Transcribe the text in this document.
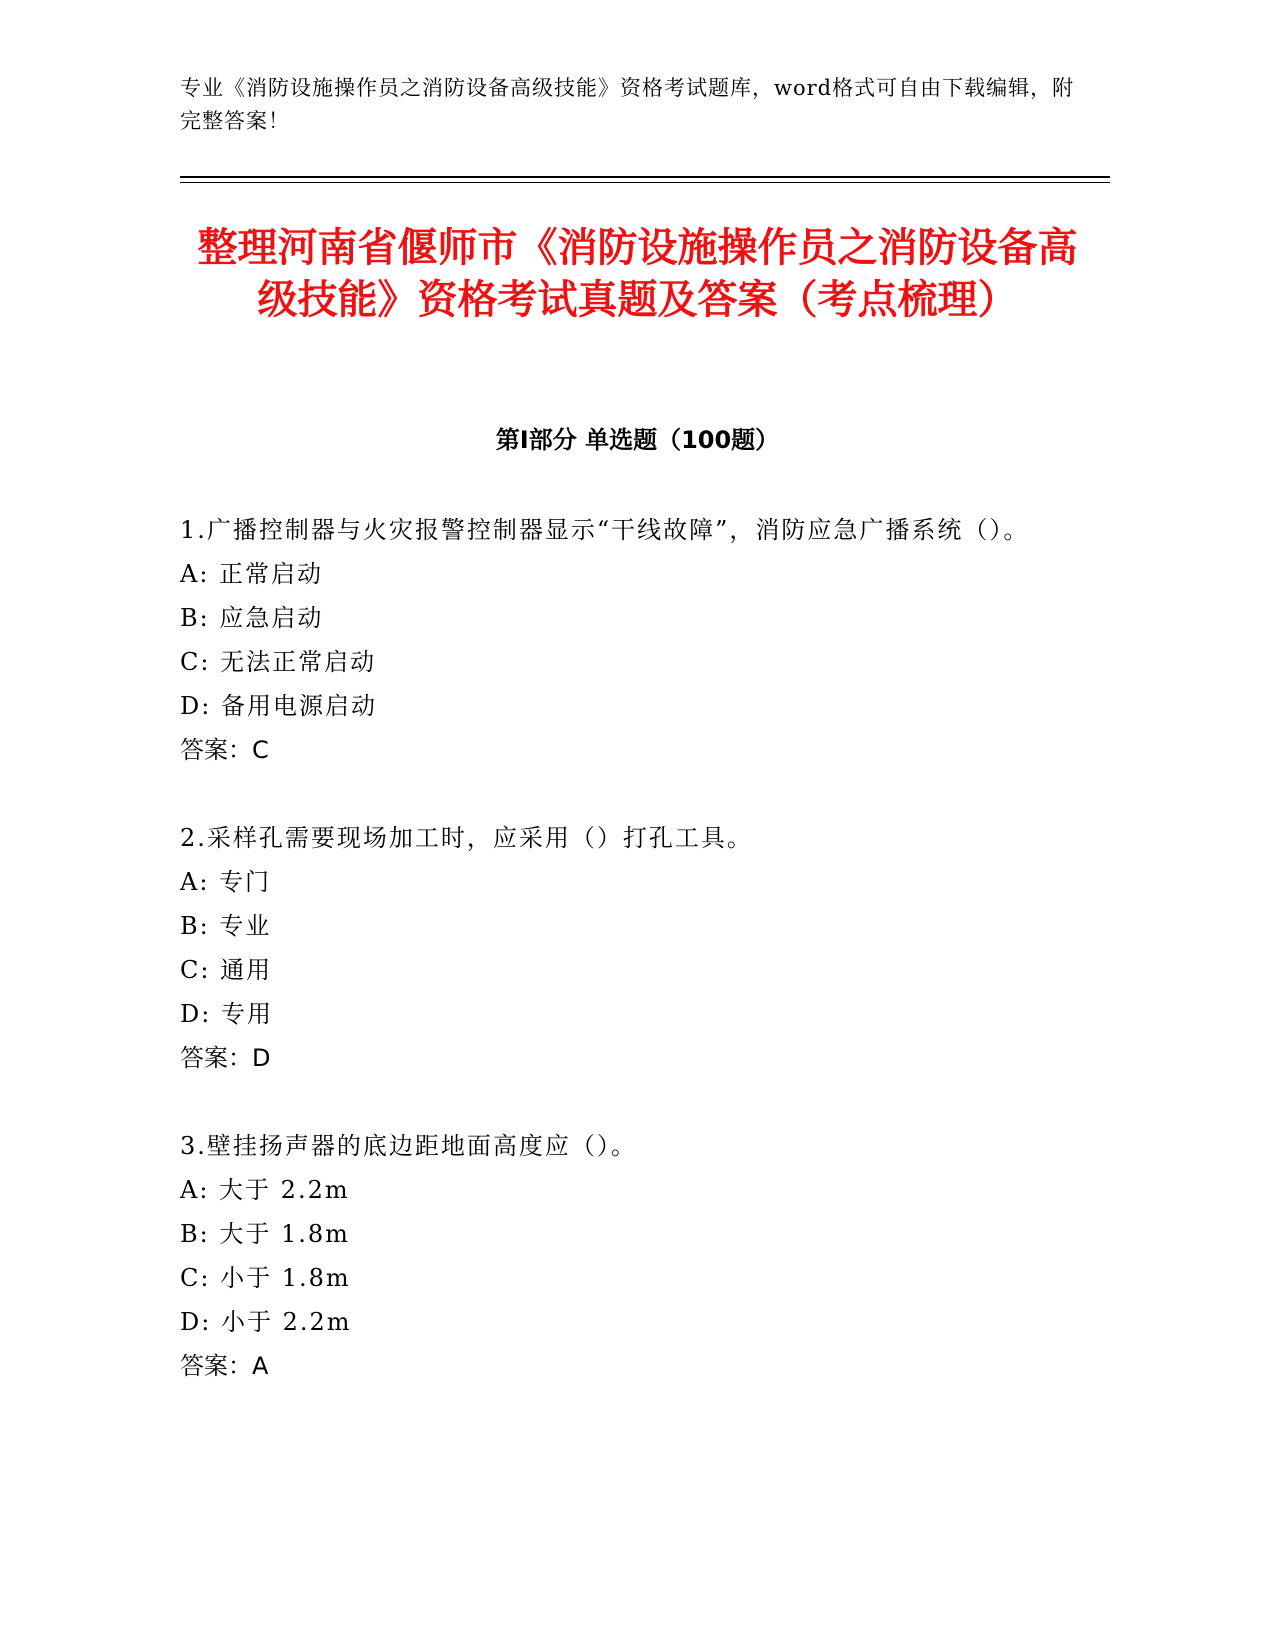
专业《消防设施操作员之消防设备高级技能》资格考试题库，word格式可自由下载编辑，附完整答案！

整理河南省偃师市《消防设施操作员之消防设备高级技能》资格考试真题及答案（考点梳理）
第Ⅰ部分 单选题（100题）

1.广播控制器与火灾报警控制器显示“干线故障”，消防应急广播系统（）。

A: 正常启动

B: 应急启动

C: 无法正常启动

D: 备用电源启动

答案：C

2.采样孔需要现场加工时，应采用（）打孔工具。

A: 专门

B: 专业

C: 通用

D: 专用

答案：D

3.壁挂扬声器的底边距地面高度应（）。

A: 大于 2.2m

B: 大于 1.8m

C: 小于 1.8m

D: 小于 2.2m

答案：A
